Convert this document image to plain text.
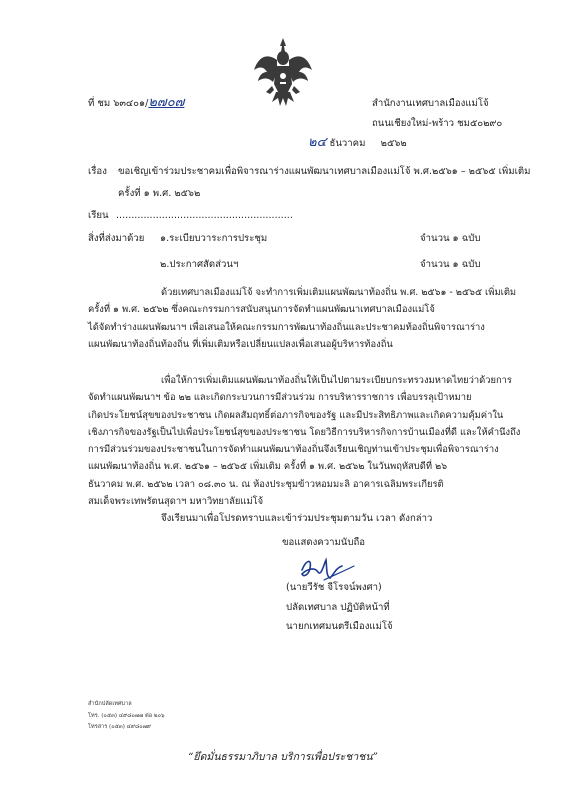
ที่ ชม ๖๓๔๐๑/๒๗๐๗	สำนักงานเทศบาลเมืองแม่โจ้
ถนนเชียงใหม่-พร้าว ชม๕๐๒๙๐
๒๔ ธันวาคม     ๒๕๖๒
เรื่อง ขอเชิญเข้าร่วมประชาคมเพื่อพิจารณาร่างแผนพัฒนาเทศบาลเมืองแม่โจ้ พ.ศ.๒๕๖๑ – ๒๕๖๕ เพิ่มเติม
ครั้งที่ ๑ พ.ศ. ๒๕๖๒
เรียน ..........................................................
สิ่งที่ส่งมาด้วย ๑.ระเบียบวาระการประชุม	จำนวน ๑ ฉบับ
๒.ประกาศสัดส่วนฯ	จำนวน ๑ ฉบับ
ด้วยเทศบาลเมืองแม่โจ้ จะทำการเพิ่มเติมแผนพัฒนาท้องถิ่น พ.ศ. ๒๕๖๑ - ๒๕๖๕ เพิ่มเติม
ครั้งที่ ๑ พ.ศ. ๒๕๖๒ ซึ่งคณะกรรมการสนับสนุนการจัดทำแผนพัฒนาเทศบาลเมืองแม่โจ้
ได้จัดทำร่างแผนพัฒนาฯ เพื่อเสนอให้คณะกรรมการพัฒนาท้องถิ่นและประชาคมท้องถิ่นพิจารณาร่าง
แผนพัฒนาท้องถิ่นท้องถิ่น ที่เพิ่มเติมหรือเปลี่ยนแปลงเพื่อเสนอผู้บริหารท้องถิ่น
เพื่อให้การเพิ่มเติมแผนพัฒนาท้องถิ่นให้เป็นไปตามระเบียบกระทรวงมหาดไทยว่าด้วยการ
จัดทำแผนพัฒนาฯ ข้อ ๒๒ และเกิดกระบวนการมีส่วนร่วม การบริหารราชการ เพื่อบรรลุเป้าหมาย
เกิดประโยชน์สุขของประชาชน เกิดผลสัมฤทธิ์ต่อภารกิจของรัฐ และมีประสิทธิภาพและเกิดความคุ้มค่าใน
เชิงภารกิจของรัฐเป็นไปเพื่อประโยชน์สุขของประชาชน โดยวิธีการบริหารกิจการบ้านเมืองที่ดี และให้คำนึงถึง
การมีส่วนร่วมของประชาชนในการจัดทำแผนพัฒนาท้องถิ่นจึงเรียนเชิญท่านเข้าประชุมเพื่อพิจารณาร่าง
แผนพัฒนาท้องถิ่น พ.ศ. ๒๕๖๑ – ๒๕๖๕ เพิ่มเติม ครั้งที่ ๑ พ.ศ. ๒๕๖๒ ในวันพฤหัสบดีที่ ๒๖
ธันวาคม พ.ศ. ๒๕๖๒ เวลา ๐๘.๓๐ น. ณ ห้องประชุมข้าวหอมมะลิ อาคารเฉลิมพระเกียรติ
สมเด็จพระเทพรัตนสุดาฯ มหาวิทยาลัยแม่โจ้
จึงเรียนมาเพื่อโปรดทราบและเข้าร่วมประชุมตามวัน เวลา ดังกล่าว
ขอแสดงความนับถือ
(นายวีรัช จีโรจน์พงศา)
ปลัดเทศบาล ปฏิบัติหน้าที่
นายกเทศมนตรีเมืองแม่โจ้
สำนักปลัดเทศบาล
โทร. (๐๕๓) ๔๙๘๐๗๗ ต่อ ๒๐๖
โทรสาร (๐๕๓) ๔๙๘๐๗๙
“ยึดมั่นธรรมาภิบาล บริการเพื่อประชาชน”
